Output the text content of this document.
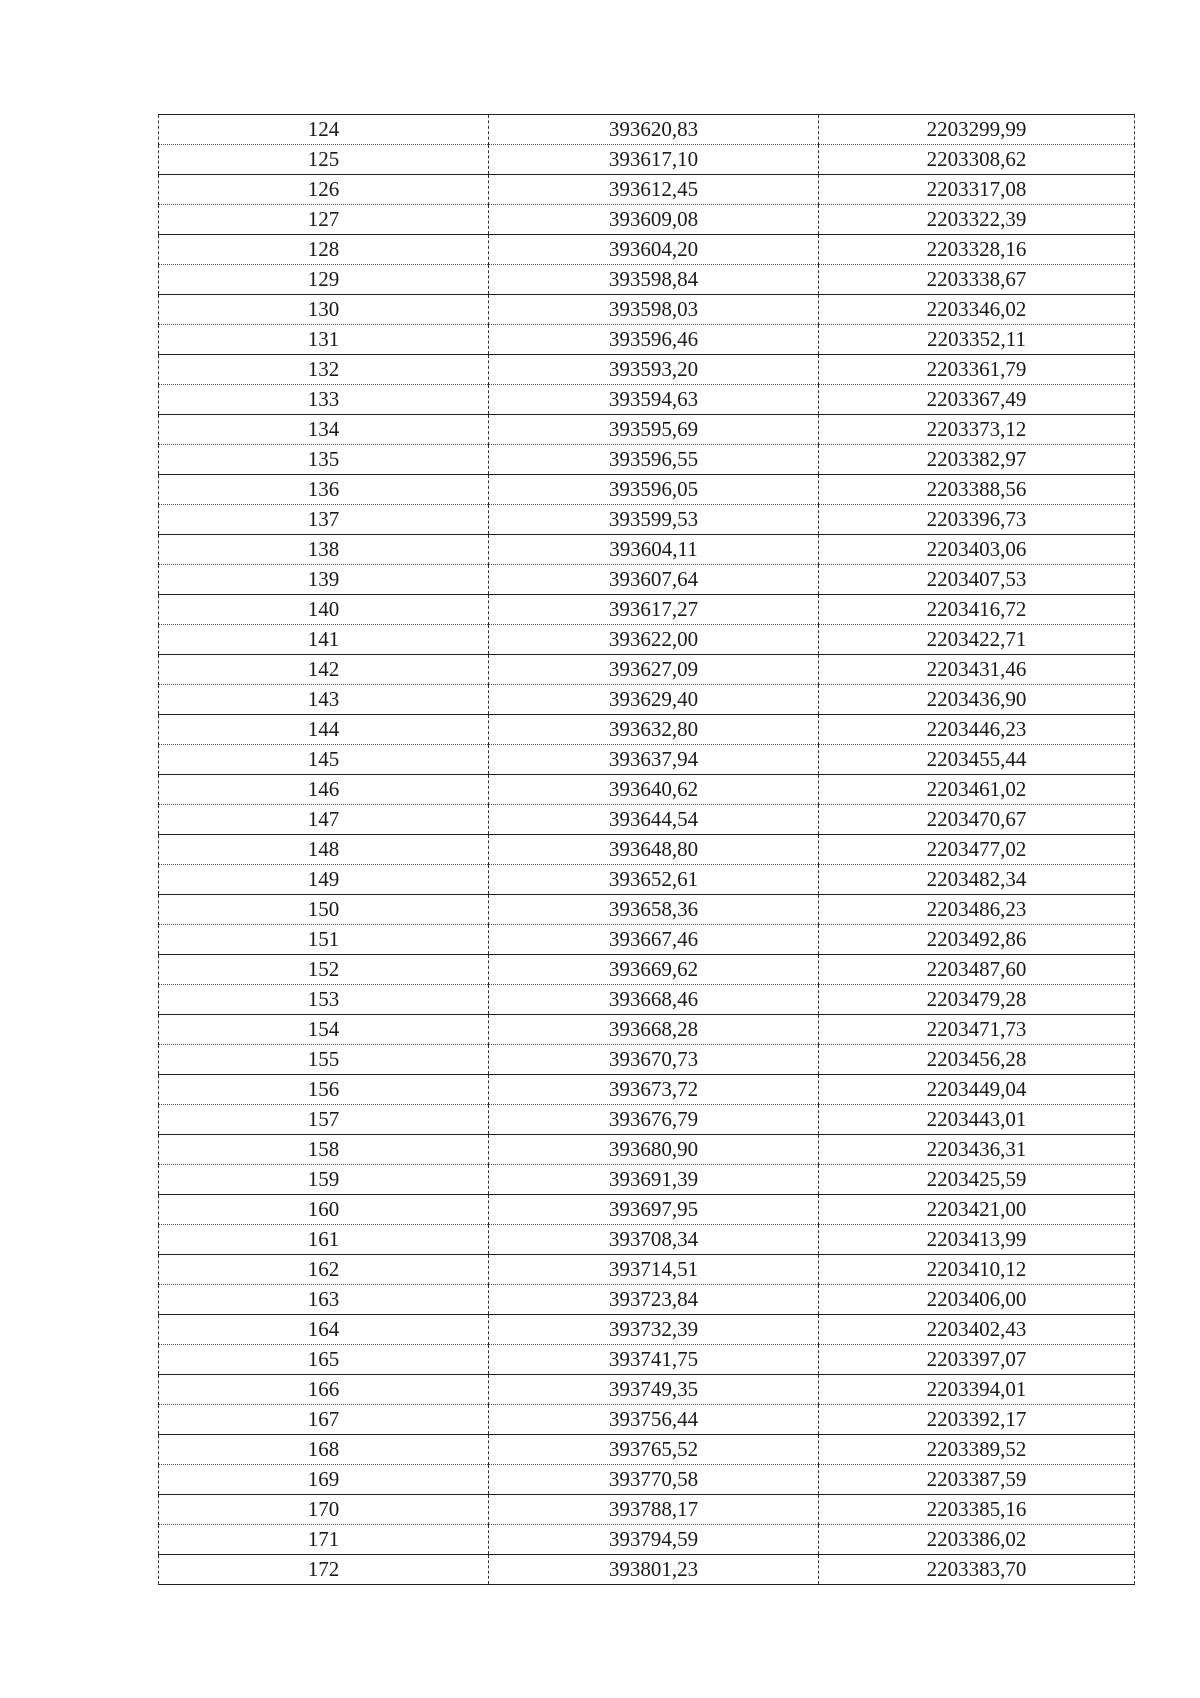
124	393620,83	2203299,99
125	393617,10	2203308,62
126	393612,45	2203317,08
127	393609,08	2203322,39
128	393604,20	2203328,16
129	393598,84	2203338,67
130	393598,03	2203346,02
131	393596,46	2203352,11
132	393593,20	2203361,79
133	393594,63	2203367,49
134	393595,69	2203373,12
135	393596,55	2203382,97
136	393596,05	2203388,56
137	393599,53	2203396,73
138	393604,11	2203403,06
139	393607,64	2203407,53
140	393617,27	2203416,72
141	393622,00	2203422,71
142	393627,09	2203431,46
143	393629,40	2203436,90
144	393632,80	2203446,23
145	393637,94	2203455,44
146	393640,62	2203461,02
147	393644,54	2203470,67
148	393648,80	2203477,02
149	393652,61	2203482,34
150	393658,36	2203486,23
151	393667,46	2203492,86
152	393669,62	2203487,60
153	393668,46	2203479,28
154	393668,28	2203471,73
155	393670,73	2203456,28
156	393673,72	2203449,04
157	393676,79	2203443,01
158	393680,90	2203436,31
159	393691,39	2203425,59
160	393697,95	2203421,00
161	393708,34	2203413,99
162	393714,51	2203410,12
163	393723,84	2203406,00
164	393732,39	2203402,43
165	393741,75	2203397,07
166	393749,35	2203394,01
167	393756,44	2203392,17
168	393765,52	2203389,52
169	393770,58	2203387,59
170	393788,17	2203385,16
171	393794,59	2203386,02
172	393801,23	2203383,70
